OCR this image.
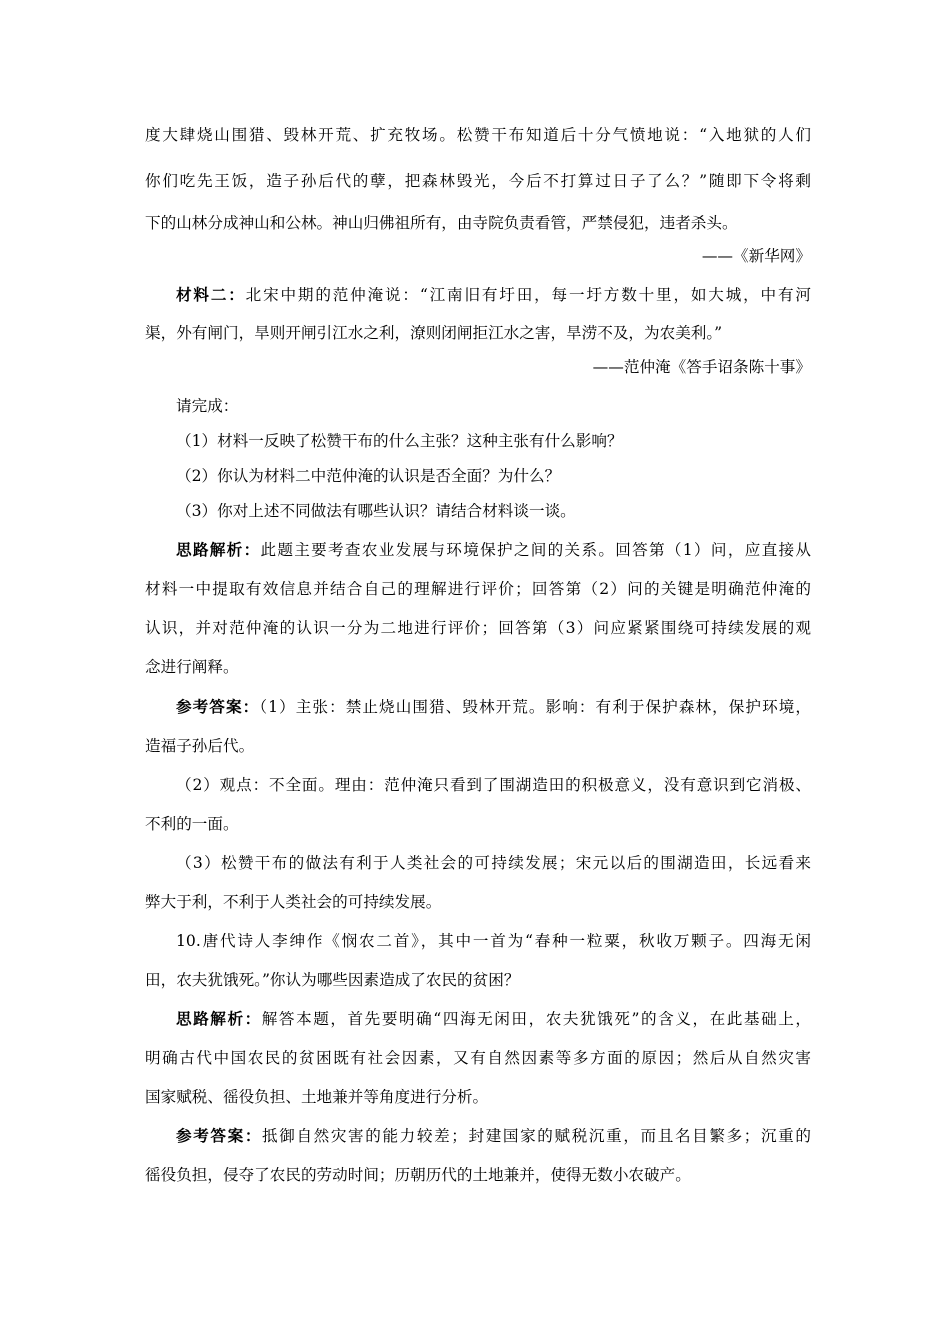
度大肆烧山围猎、毁林开荒、扩充牧场。松赞干布知道后十分气愤地说：“入地狱的人们
你们吃先王饭，造子孙后代的孽，把森林毁光，今后不打算过日子了么？”随即下令将剩
下的山林分成神山和公林。神山归佛祖所有，由寺院负责看管，严禁侵犯，违者杀头。
——《新华网》
材料二：北宋中期的范仲淹说：“江南旧有圩田，每一圩方数十里，如大城，中有河
渠，外有闸门，旱则开闸引江水之利，潦则闭闸拒江水之害，旱涝不及，为农美利。”
——范仲淹《答手诏条陈十事》
请完成：
（1）材料一反映了松赞干布的什么主张？这种主张有什么影响？
（2）你认为材料二中范仲淹的认识是否全面？为什么？
（3）你对上述不同做法有哪些认识？请结合材料谈一谈。
思路解析：此题主要考查农业发展与环境保护之间的关系。回答第（1）问，应直接从
材料一中提取有效信息并结合自己的理解进行评价；回答第（2）问的关键是明确范仲淹的
认识，并对范仲淹的认识一分为二地进行评价；回答第（3）问应紧紧围绕可持续发展的观
念进行阐释。
参考答案：（1）主张：禁止烧山围猎、毁林开荒。影响：有利于保护森林，保护环境，
造福子孙后代。
（2）观点：不全面。理由：范仲淹只看到了围湖造田的积极意义，没有意识到它消极、
不利的一面。
（3）松赞干布的做法有利于人类社会的可持续发展；宋元以后的围湖造田，长远看来
弊大于利，不利于人类社会的可持续发展。
10.唐代诗人李绅作《悯农二首》，其中一首为“春种一粒粟，秋收万颗子。四海无闲
田，农夫犹饿死。”你认为哪些因素造成了农民的贫困？
思路解析：解答本题，首先要明确“四海无闲田，农夫犹饿死”的含义，在此基础上，
明确古代中国农民的贫困既有社会因素，又有自然因素等多方面的原因；然后从自然灾害
国家赋税、徭役负担、土地兼并等角度进行分析。
参考答案：抵御自然灾害的能力较差；封建国家的赋税沉重，而且名目繁多；沉重的
徭役负担，侵夺了农民的劳动时间；历朝历代的土地兼并，使得无数小农破产。
